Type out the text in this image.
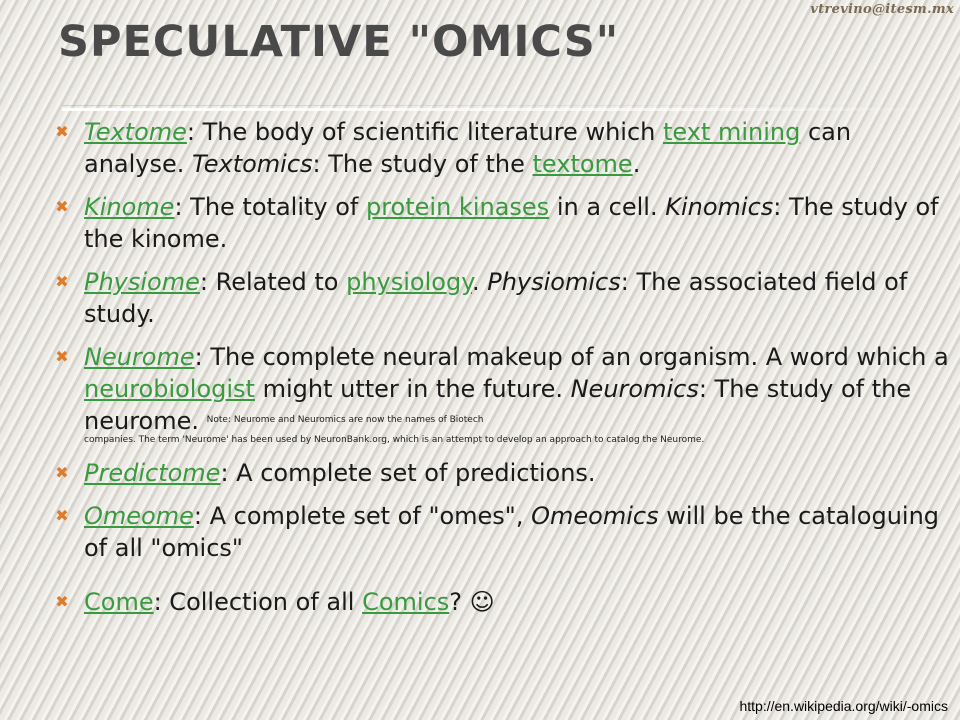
vtrevino@itesm.mx
SPECULATIVE "OMICS"
✖ Textome: The body of scientific literature which text mining can analyse. Textomics: The study of the textome.
✖ Kinome: The totality of protein kinases in a cell. Kinomics: The study of the kinome.
✖ Physiome: Related to physiology. Physiomics: The associated field of study.
✖ Neurome: The complete neural makeup of an organism. A word which a neurobiologist might utter in the future. Neuromics: The study of the neurome. $^{Note: Neurome and Neuromics are now the names of Biotech}$
companies. The term 'Neurome' has been used by NeuronBank.org, which is an attempt to develop an approach to catalog the Neurome.
✖ Predictome: A complete set of predictions.
✖ Omeome: A complete set of "omes", Omeomics will be the cataloguing of all "omics"
✖ Come: Collection of all Comics? ☺
http://en.wikipedia.org/wiki/-omics
